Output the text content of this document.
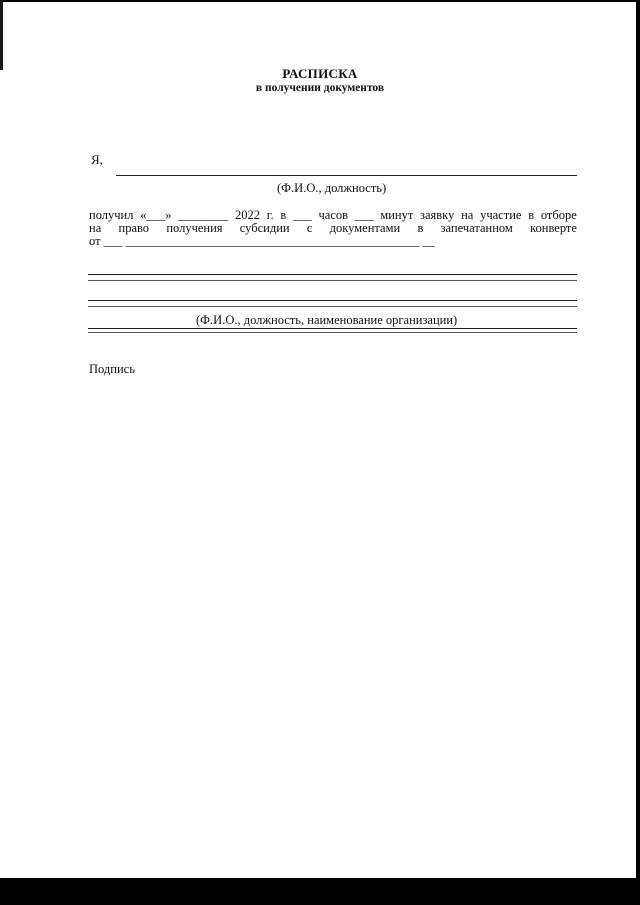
РАСПИСКА
в получении документов
Я,
(Ф.И.О., должность)
получил «___» ________ 2022 г. в ___ часов ___ минут заявку на участие в отборе
на право получения субсидии с документами в запечатанном конверте
от ___ _______________________________________________ __
(Ф.И.О., должность, наименование организации)
Подпись
